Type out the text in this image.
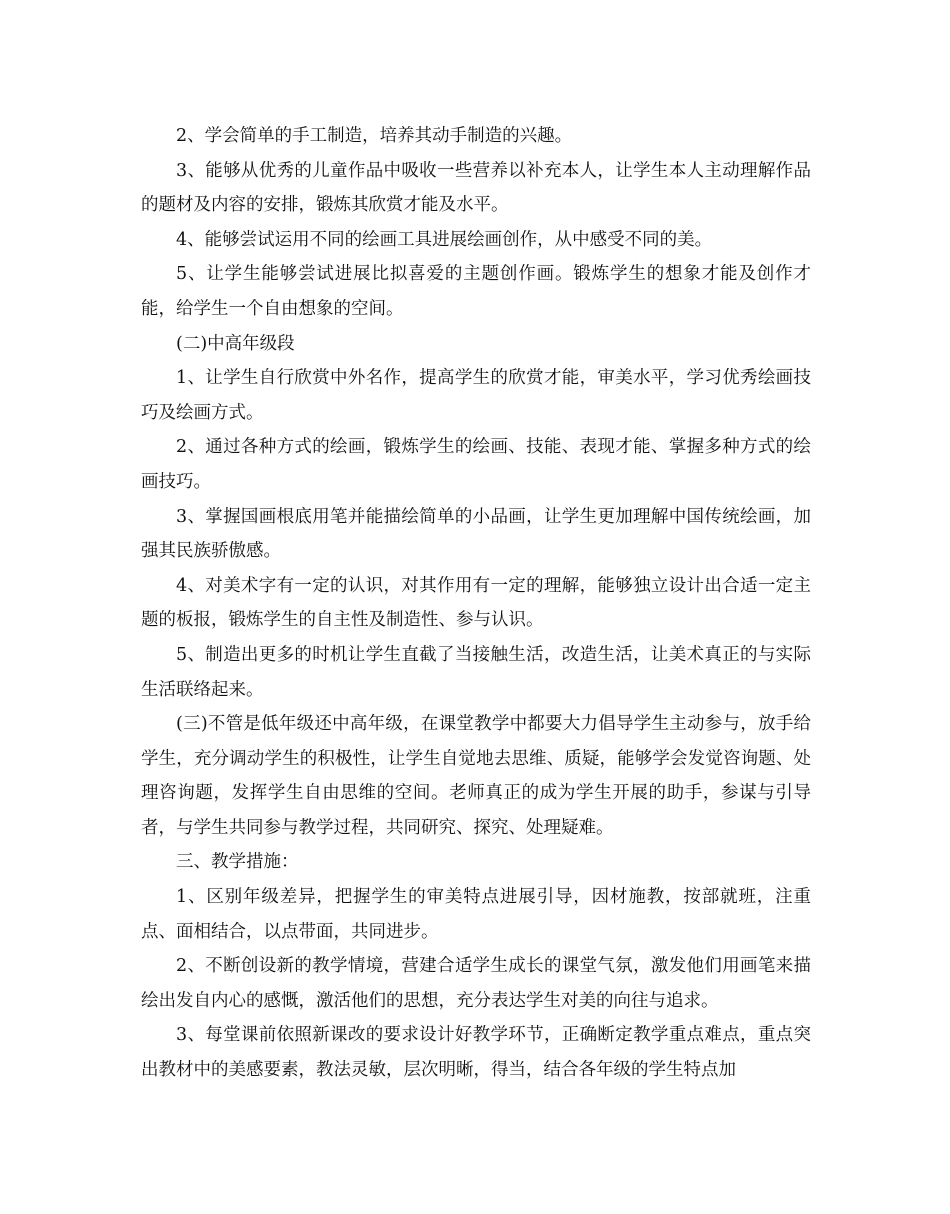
2、学会简单的手工制造，培养其动手制造的兴趣。

3、能够从优秀的儿童作品中吸收一些营养以补充本人，让学生本人主动理解作品的题材及内容的安排，锻炼其欣赏才能及水平。

4、能够尝试运用不同的绘画工具进展绘画创作，从中感受不同的美。

5、让学生能够尝试进展比拟喜爱的主题创作画。锻炼学生的想象才能及创作才能，给学生一个自由想象的空间。

(二)中高年级段

1、让学生自行欣赏中外名作，提高学生的欣赏才能，审美水平，学习优秀绘画技巧及绘画方式。

2、通过各种方式的绘画，锻炼学生的绘画、技能、表现才能、掌握多种方式的绘画技巧。

3、掌握国画根底用笔并能描绘简单的小品画，让学生更加理解中国传统绘画，加强其民族骄傲感。

4、对美术字有一定的认识，对其作用有一定的理解，能够独立设计出合适一定主题的板报，锻炼学生的自主性及制造性、参与认识。

5、制造出更多的时机让学生直截了当接触生活，改造生活，让美术真正的与实际生活联络起来。

(三)不管是低年级还中高年级，在课堂教学中都要大力倡导学生主动参与，放手给学生，充分调动学生的积极性，让学生自觉地去思维、质疑，能够学会发觉咨询题、处理咨询题，发挥学生自由思维的空间。老师真正的成为学生开展的助手，参谋与引导者，与学生共同参与教学过程，共同研究、探究、处理疑难。

三、教学措施：

1、区别年级差异，把握学生的审美特点进展引导，因材施教，按部就班，注重点、面相结合，以点带面，共同进步。

2、不断创设新的教学情境，营建合适学生成长的课堂气氛，激发他们用画笔来描绘出发自内心的感慨，激活他们的思想，充分表达学生对美的向往与追求。

3、每堂课前依照新课改的要求设计好教学环节，正确断定教学重点难点，重点突出教材中的美感要素，教法灵敏，层次明晰，得当，结合各年级的学生特点加
